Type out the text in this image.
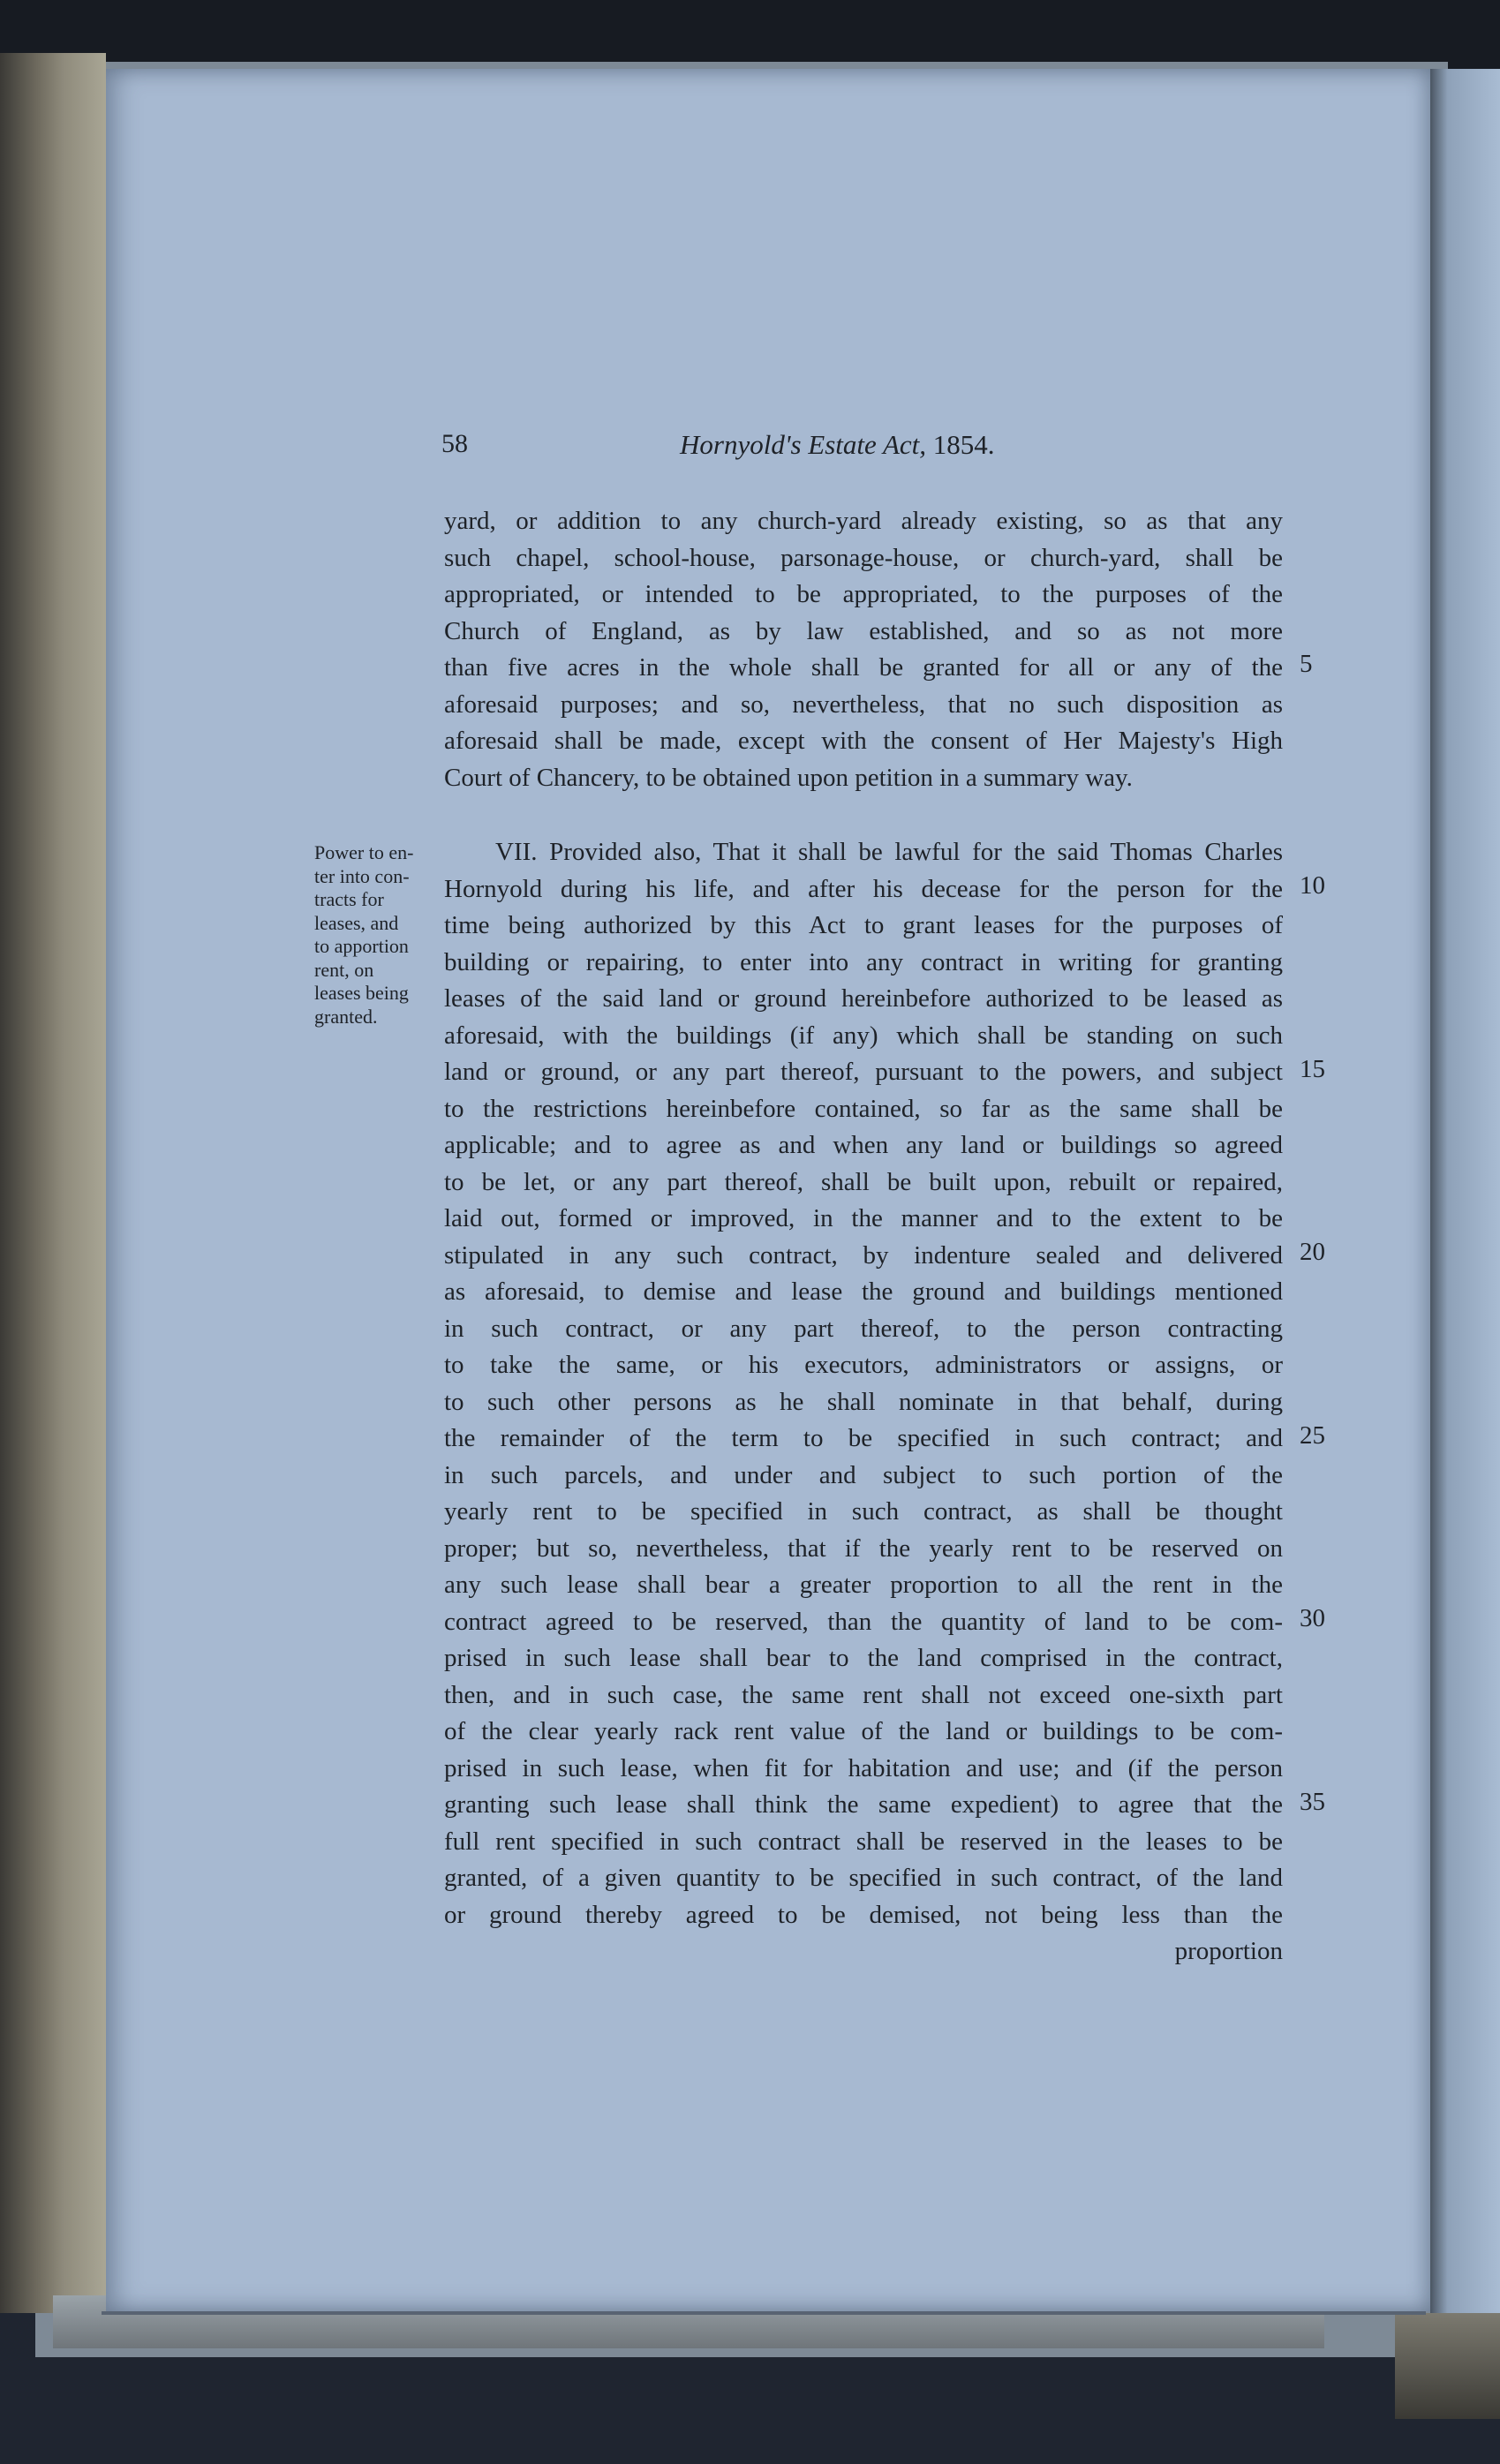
58	Hornyold's Estate Act, 1854.
yard, or addition to any church-yard already existing, so as that any
such chapel, school-house, parsonage-house, or church-yard, shall be
appropriated, or intended to be appropriated, to the purposes of the
Church of England, as by law established, and so as not more
than five acres in the whole shall be granted for all or any of the
aforesaid purposes; and so, nevertheless, that no such disposition as
aforesaid shall be made, except with the consent of Her Majesty's High
Court of Chancery, to be obtained upon petition in a summary way.
Power to en-
ter into con-
tracts for
leases, and
to apportion
rent, on
leases being
granted.
VII. Provided also, That it shall be lawful for the said Thomas Charles
Hornyold during his life, and after his decease for the person for the
time being authorized by this Act to grant leases for the purposes of
building or repairing, to enter into any contract in writing for granting
leases of the said land or ground hereinbefore authorized to be leased as
aforesaid, with the buildings (if any) which shall be standing on such
land or ground, or any part thereof, pursuant to the powers, and subject
to the restrictions hereinbefore contained, so far as the same shall be
applicable; and to agree as and when any land or buildings so agreed
to be let, or any part thereof, shall be built upon, rebuilt or repaired,
laid out, formed or improved, in the manner and to the extent to be
stipulated in any such contract, by indenture sealed and delivered
as aforesaid, to demise and lease the ground and buildings mentioned
in such contract, or any part thereof, to the person contracting
to take the same, or his executors, administrators or assigns, or
to such other persons as he shall nominate in that behalf, during
the remainder of the term to be specified in such contract; and
in such parcels, and under and subject to such portion of the
yearly rent to be specified in such contract, as shall be thought
proper; but so, nevertheless, that if the yearly rent to be reserved on
any such lease shall bear a greater proportion to all the rent in the
contract agreed to be reserved, than the quantity of land to be com-
prised in such lease shall bear to the land comprised in the contract,
then, and in such case, the same rent shall not exceed one-sixth part
of the clear yearly rack rent value of the land or buildings to be com-
prised in such lease, when fit for habitation and use; and (if the person
granting such lease shall think the same expedient) to agree that the
full rent specified in such contract shall be reserved in the leases to be
granted, of a given quantity to be specified in such contract, of the land
or ground thereby agreed to be demised, not being less than the
proportion
5
10
15
20
25
30
35
